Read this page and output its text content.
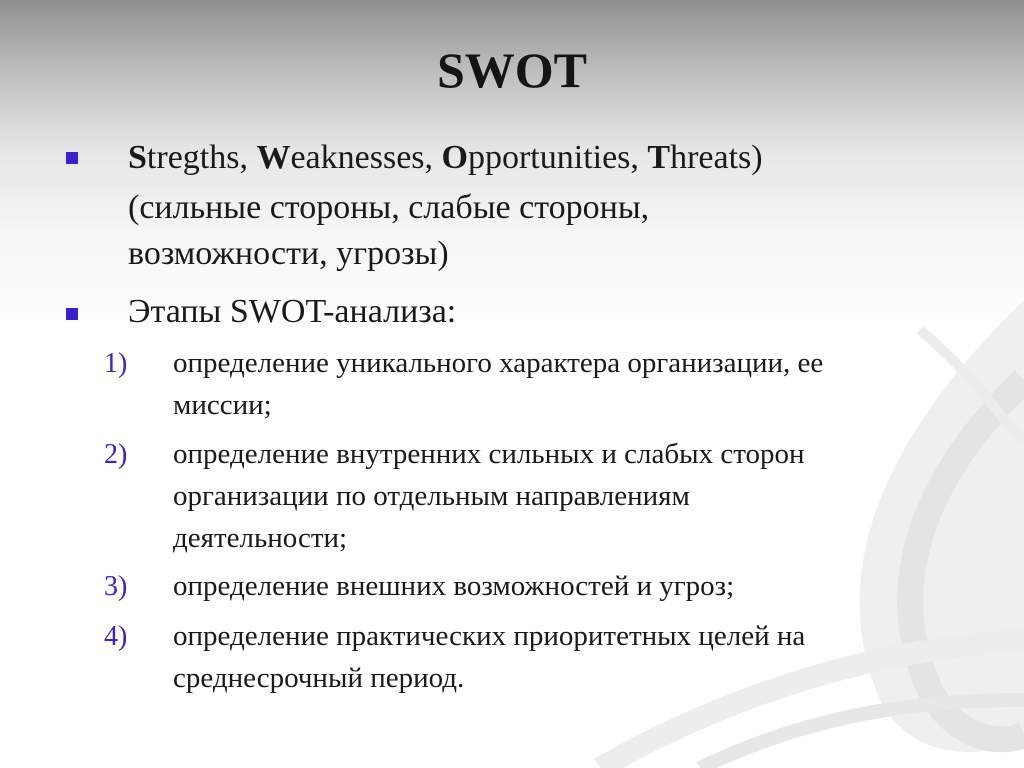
SWOT
Stregths, Weaknesses, Opportunities, Threats)
(сильные стороны, слабые стороны,
возможности, угрозы)
Этапы SWOT-анализа:
1)	определение уникального характера организации, ее
миссии;
2)	определение внутренних сильных и слабых сторон
организации по отдельным направлениям
деятельности;
3)	определение внешних возможностей и угроз;
4)	определение практических приоритетных целей на
среднесрочный период.
